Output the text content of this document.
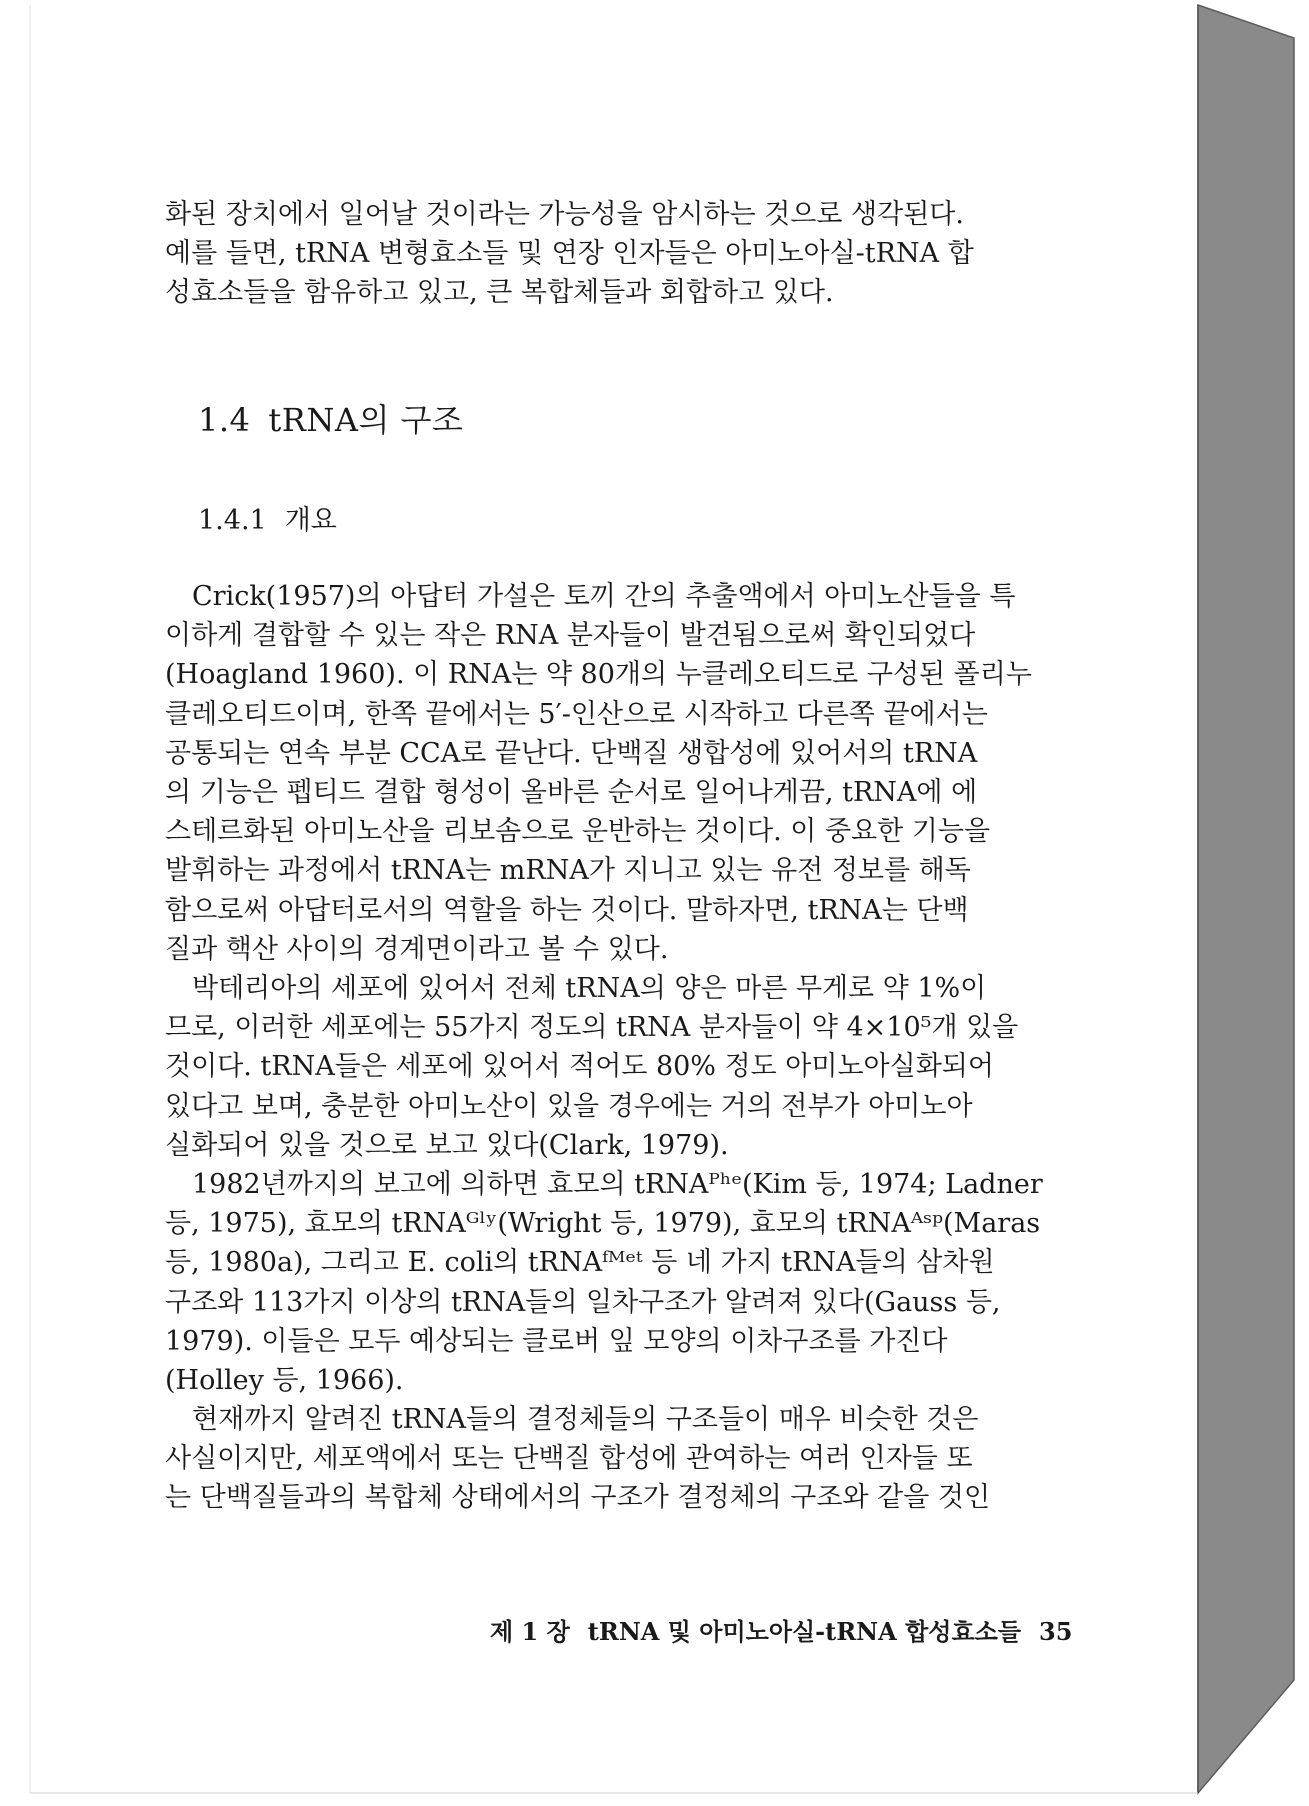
화된 장치에서 일어날 것이라는 가능성을 암시하는 것으로 생각된다.
예를 들면, tRNA 변형효소들 및 연장 인자들은 아미노아실-tRNA 합
성효소들을 함유하고 있고, 큰 복합체들과 회합하고 있다.
1.4 tRNA의 구조
1.4.1 개요
Crick(1957)의 아답터 가설은 토끼 간의 추출액에서 아미노산들을 특
이하게 결합할 수 있는 작은 RNA 분자들이 발견됨으로써 확인되었다
(Hoagland 1960). 이 RNA는 약 80개의 누클레오티드로 구성된 폴리누
클레오티드이며, 한쪽 끝에서는 5′-인산으로 시작하고 다른쪽 끝에서는
공통되는 연속 부분 CCA로 끝난다. 단백질 생합성에 있어서의 tRNA
의 기능은 펩티드 결합 형성이 올바른 순서로 일어나게끔, tRNA에 에
스테르화된 아미노산을 리보솜으로 운반하는 것이다. 이 중요한 기능을
발휘하는 과정에서 tRNA는 mRNA가 지니고 있는 유전 정보를 해독
함으로써 아답터로서의 역할을 하는 것이다. 말하자면, tRNA는 단백
질과 핵산 사이의 경계면이라고 볼 수 있다.
박테리아의 세포에 있어서 전체 tRNA의 양은 마른 무게로 약 1%이
므로, 이러한 세포에는 55가지 정도의 tRNA 분자들이 약 4×10⁵개 있을
것이다. tRNA들은 세포에 있어서 적어도 80% 정도 아미노아실화되어
있다고 보며, 충분한 아미노산이 있을 경우에는 거의 전부가 아미노아
실화되어 있을 것으로 보고 있다(Clark, 1979).
1982년까지의 보고에 의하면 효모의 tRNAᴾʰᵉ(Kim 등, 1974; Ladner
등, 1975), 효모의 tRNAᴳˡʸ(Wright 등, 1979), 효모의 tRNAᴬˢᵖ(Maras
등, 1980a), 그리고 E. coli의 tRNAᶠᴹᵉᵗ 등 네 가지 tRNA들의 삼차원
구조와 113가지 이상의 tRNA들의 일차구조가 알려져 있다(Gauss 등,
1979). 이들은 모두 예상되는 클로버 잎 모양의 이차구조를 가진다
(Holley 등, 1966).
현재까지 알려진 tRNA들의 결정체들의 구조들이 매우 비슷한 것은
사실이지만, 세포액에서 또는 단백질 합성에 관여하는 여러 인자들 또
는 단백질들과의 복합체 상태에서의 구조가 결정체의 구조와 같을 것인
제 1 장 tRNA 및 아미노아실-tRNA 합성효소들 35
